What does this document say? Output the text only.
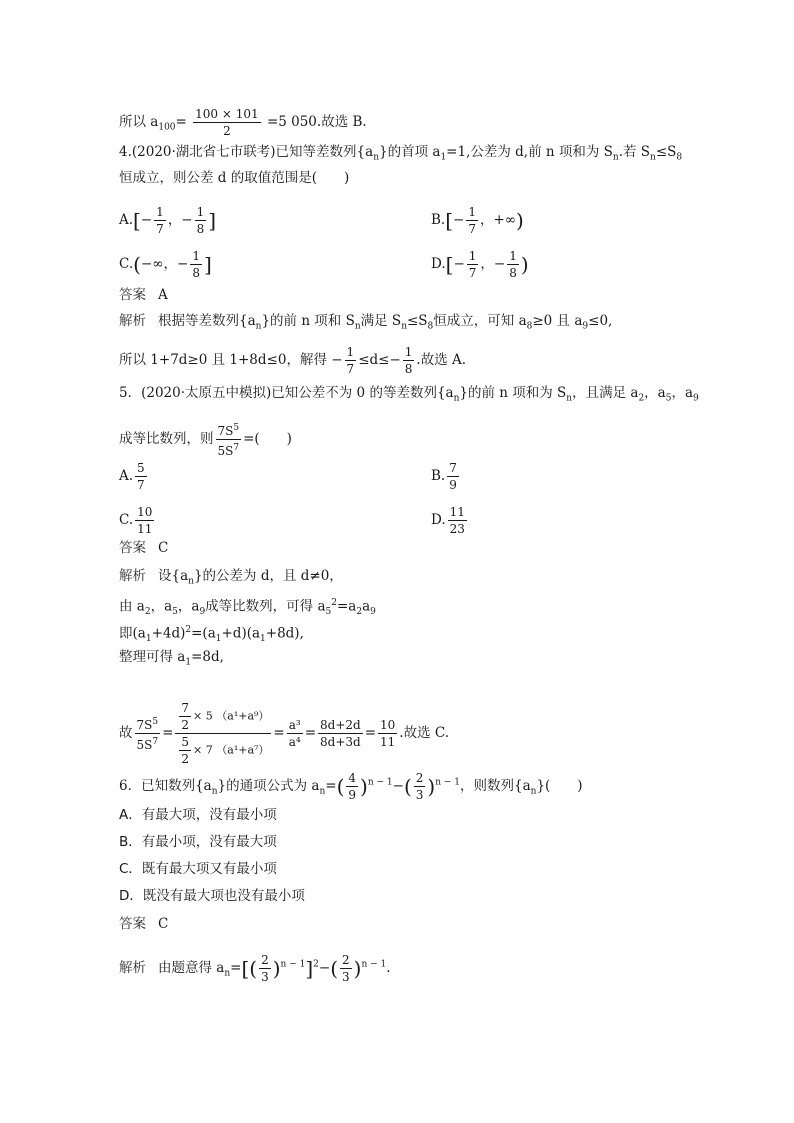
所以 $a_{100}= \frac{100 \times 101}{2} =5$ 050.故选 B.
4.(2020·湖北省七市联考)已知等差数列$\{a_n\}$的首项 $a_1=1$,公差为 d,前 n 项和为 $S_n$.若 $S_n\le S_8$
恒成立，则公差 d 的取值范围是(　　)
$A.[- \frac{1}{7}$ ，− $\frac{1}{8}$ ]	$B.[- \frac{1}{7}$ ，+∞)
C.(−∞，− $\frac{1}{8}$ ]	$D.[- \frac{1}{7}$ ，− $\frac{1}{8}$ )
答案 A
解析 根据等差数列$\{a_n\}$的前 n 项和 $S_n$满足 $S_n\le S_8$恒成立，可知 $a_8\ge 0$ 且 $a_9\le 0$,
所以 1+7d≥0 且 1+8d≤0，解得 − $\frac{1}{7} \le d\le- \frac{1}{8}$ .故选 A.
5．(2020·太原五中模拟)已知公差不为 0 的等差数列$\{a_n\}$的前 n 项和为 $S_n$，且满足 $a_2$，$a_5$，$a_9$
成等比数列，则 $\frac{7S^5}{5S^7}$ =(　　)
A. $\frac{5}{7}$	B. $\frac{7}{9}$
C. $\frac{10}{11}$	D. $\frac{11}{23}$
答案 C
解析 设$\{a_n\}$的公差为 d，且 d≠0，
由 $a_2$，$a_5$，$a_9$成等比数列，可得 $a_5^2=a_2a_9$
即$(a_1+4d)^2=(a_1+d)(a_1+8d)$,
整理可得 $a_1=8d$,
故 $\frac{7S^5}{5S^7} = \frac{\frac{7}{2} \times 5 (a^1+a^9)}{\frac{5}{2} \times 7 (a^1+a^7)} = \frac{\text{a³}}{\text{a⁴}} = \frac{8d+2d}{8d+3d} = \frac{10}{11}$ .故选 C.
6．已知数列$\{a_n\}$的通项公式为 $a_n=( \frac{4}{9} )^{n - 1}-( \frac{2}{3} )^{n - 1}$，则数列$\{a_n\}$(　　)
A．有最大项，没有最小项
B．有最小项，没有最大项
C．既有最大项又有最小项
D．既没有最大项也没有最小项
答案 C
解析 由题意得 $a_n=[( \frac{2}{3} )^{n - 1}]^2-( \frac{2}{3} )^{n - 1}$.
